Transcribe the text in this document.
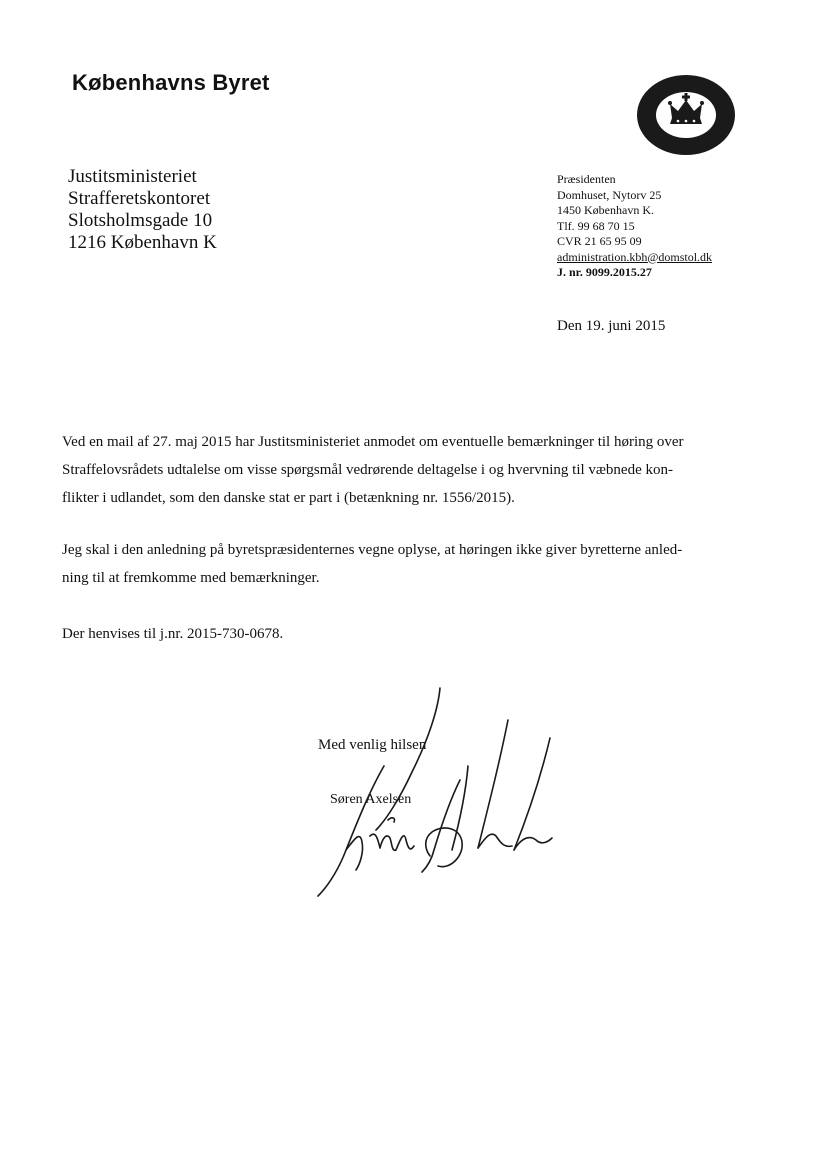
Københavns Byret
Justitsministeriet
Strafferetskontoret
Slotsholmsgade 10
1216 København K
Præsidenten
Domhuset, Nytorv 25
1450 København K.
Tlf. 99 68 70 15
CVR 21 65 95 09
administration.kbh@domstol.dk
J. nr. 9099.2015.27
Den 19. juni 2015
Ved en mail af 27. maj 2015 har Justitsministeriet anmodet om eventuelle bemærkninger til høring over
Straffelovsrådets udtalelse om visse spørgsmål vedrørende deltagelse i og hvervning til væbnede kon-
flikter i udlandet, som den danske stat er part i (betænkning nr. 1556/2015).
Jeg skal i den anledning på byretspræsidenternes vegne oplyse, at høringen ikke giver byretterne anled-
ning til at fremkomme med bemærkninger.
Der henvises til j.nr. 2015-730-0678.
Med venlig hilsen
Søren Axelsen
